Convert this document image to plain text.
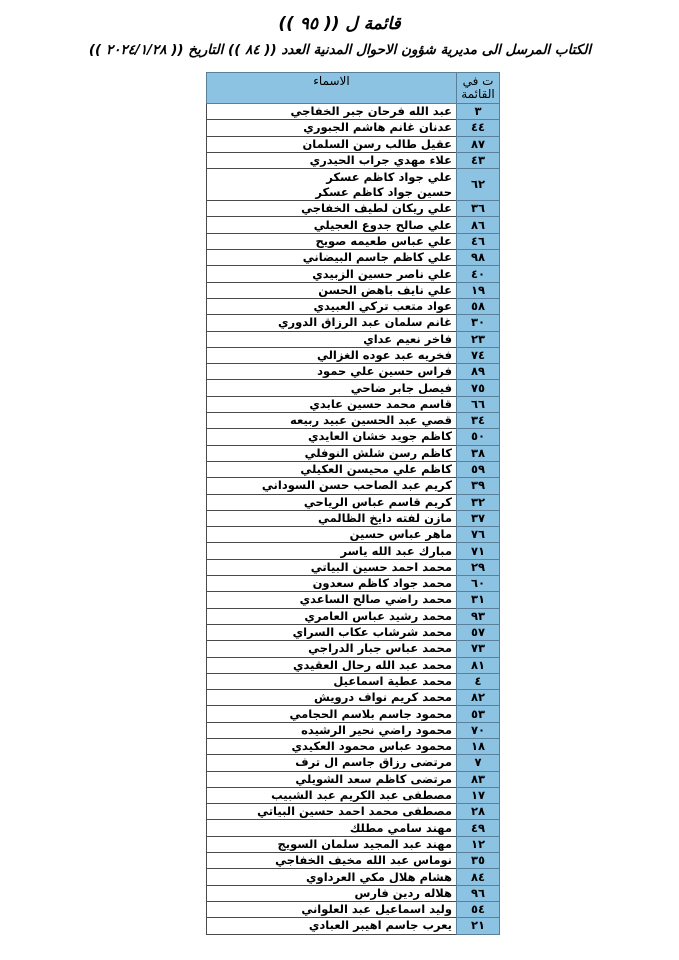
قائمة ل (( ٩٥ ))
الكتاب المرسل الى مديرية شؤون الاحوال المدنية العدد (( ٨٤ )) التاريخ (( ٢٠٢٤/١/٢٨ ))
ت في القائمة	الاسماء
٣	عبد الله فرحان جبر الخفاجي
٤٤	عدنان غانم هاشم الجبوري
٨٧	عقيل طالب رسن السلمان
٤٣	علاء مهدي جراب الحيدري
٦٢	علي جواد كاظم عسكر
حسين جواد كاظم عسكر

٣٦	علي ريكان لطيف الخفاجي
٨٦	علي صالح جدوع العجيلي
٤٦	علي عباس طعيمه صويح
٩٨	علي كاظم جاسم البيضاني
٤٠	علي ناصر حسين الزبيدي
١٩	علي نايف باهض الحسن
٥٨	عواد متعب تركي العبيدي
٣٠	غانم سلمان عبد الرزاق الدوري
٢٣	فاخر نعيم عداي
٧٤	فخريه عبد عوده الغزالي
٨٩	فراس حسين علي حمود
٧٥	فيصل جابر ضاحي
٦٦	قاسم محمد حسين عابدي
٣٤	قصي عبد الحسين عبيد ربيعه
٥٠	كاظم جويد خشان العايدي
٣٨	كاظم رسن شلش النوفلي
٥٩	كاظم علي محيسن العكيلي
٣٩	كريم عبد الصاحب حسن السوداني
٣٢	كريم قاسم عباس الرياحي
٣٧	مازن لفته دايخ الظالمي
٧٦	ماهر عباس حسين
٧١	مبارك عبد الله ياسر
٢٩	محمد احمد حسين البياتي
٦٠	محمد جواد كاظم سعدون
٣١	محمد راضي صالح الساعدي
٩٣	محمد رشيد عباس العامري
٥٧	محمد شرشاب عكاب السراي
٧٣	محمد عباس جبار الدراجي
٨١	محمد عبد الله رحال العقيدي
٤	محمد عطية اسماعيل
٨٢	محمد كريم نواف درويش
٥٣	محمود جاسم بلاسم الحجامي
٧٠	محمود راضي نحير الرشيده
١٨	محمود عباس محمود العكيدي
٧	مرتضى رزاق جاسم ال ترف
٨٣	مرتضى كاظم سعد الشويلي
١٧	مصطفى عبد الكريم عبد الشبيب
٢٨	مصطفى محمد احمد حسين البياتي
٤٩	مهند سامي مطلك
١٢	مهند عبد المجيد سلمان السويج
٣٥	نوماس عبد الله مخيف الخفاجي
٨٤	هشام هلال مكي العرداوي
٩٦	هلاله ردين فارس
٥٤	وليد اسماعيل عبد العلواني
٢١	يعرب جاسم اهيبر العبادي
